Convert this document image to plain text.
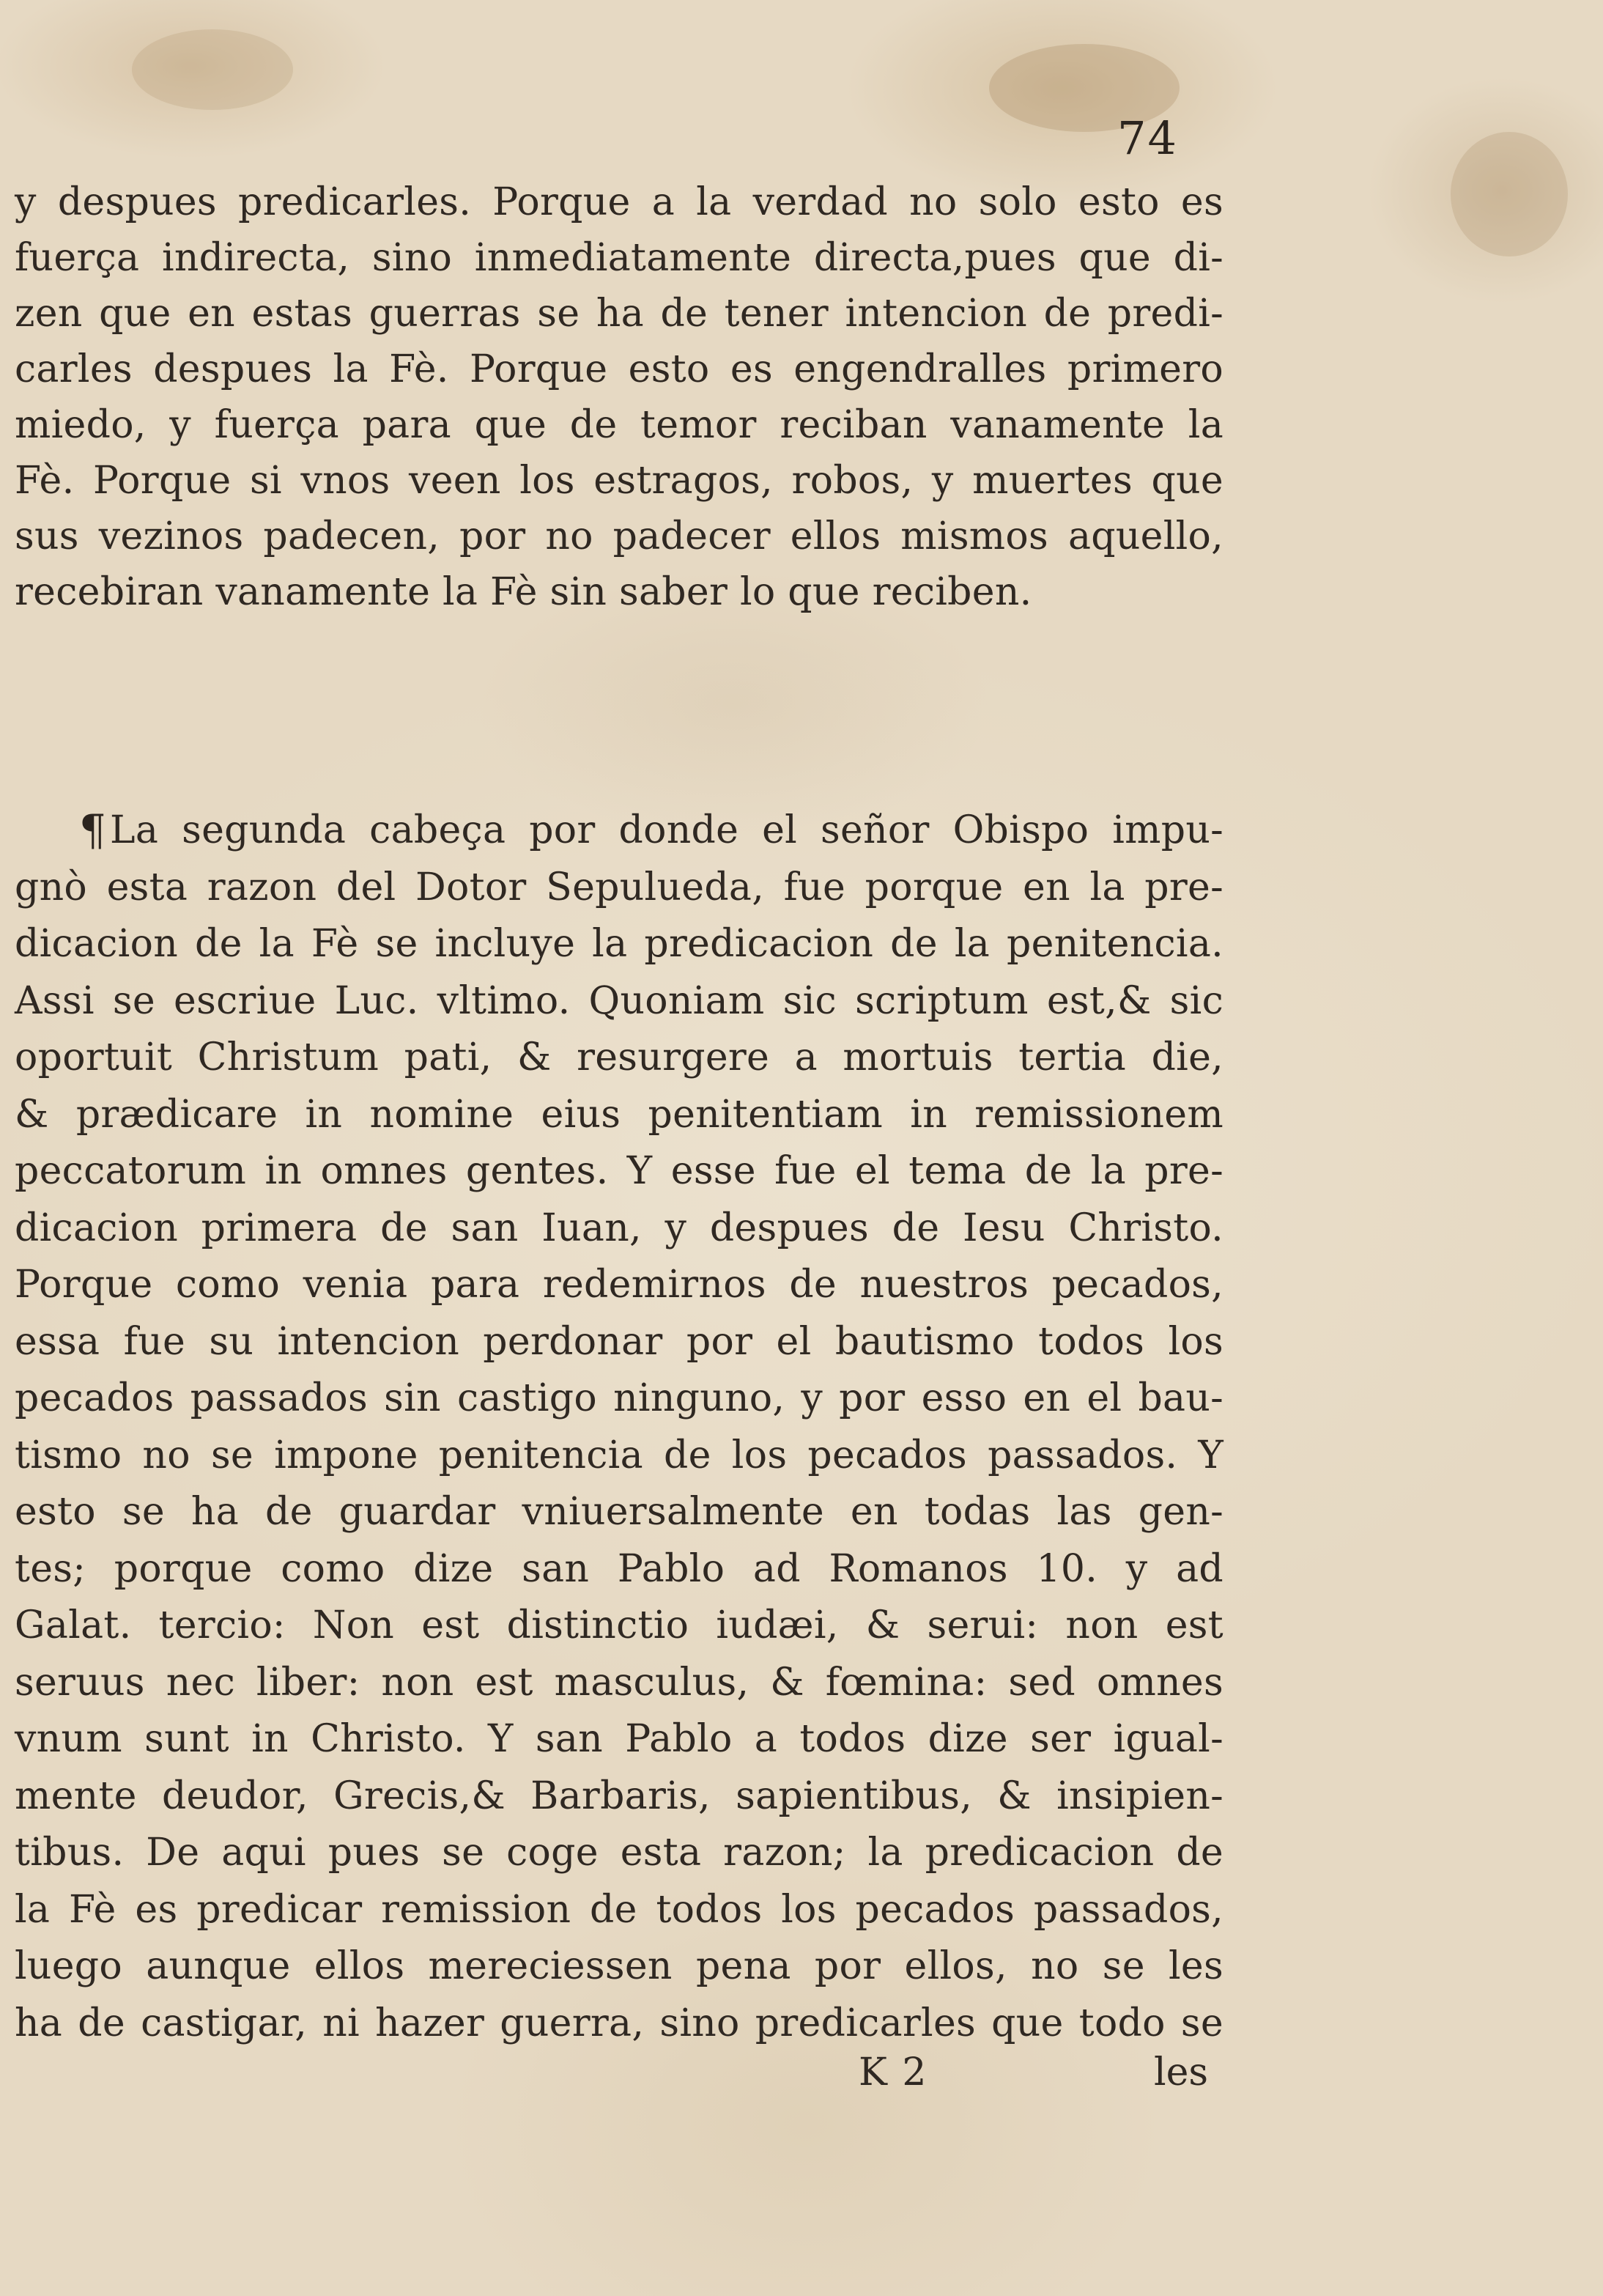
74
y despues predicarles. Porque a la verdad no solo esto es
fuerça indirecta, sino inmediatamente directa,pues que di-
zen que en estas guerras se ha de tener intencion de predi-
carles despues la Fè. Porque esto es engendralles primero
miedo, y fuerça para que de temor reciban vanamente la
Fè. Porque si vnos veen los estragos, robos, y muertes que
sus vezinos padecen, por no padecer ellos mismos aquello,
recebiran vanamente la Fè sin saber lo que reciben.
¶ La segunda cabeça por donde el señor Obispo impu-
gnò esta razon del Dotor Sepulueda, fue porque en la pre-
dicacion de la Fè se incluye la predicacion de la penitencia.
Assi se escriue Luc. vltimo. Quoniam sic scriptum est,& sic
oportuit Christum pati, & resurgere a mortuis tertia die,
& prædicare in nomine eius penitentiam in remissionem
peccatorum in omnes gentes. Y esse fue el tema de la pre-
dicacion primera de san Iuan, y despues de Iesu Christo.
Porque como venia para redemirnos de nuestros pecados,
essa fue su intencion perdonar por el bautismo todos los
pecados passados sin castigo ninguno, y por esso en el bau-
tismo no se impone penitencia de los pecados passados. Y
esto se ha de guardar vniuersalmente en todas las gen-
tes; porque como dize san Pablo ad Romanos 10. y ad
Galat. tercio: Non est distinctio iudæi, & serui: non est
seruus nec liber: non est masculus, & fœmina: sed omnes
vnum sunt in Christo. Y san Pablo a todos dize ser igual-
mente deudor, Grecis,& Barbaris, sapientibus, & insipien-
tibus. De aqui pues se coge esta razon; la predicacion de
la Fè es predicar remission de todos los pecados passados,
luego aunque ellos mereciessen pena por ellos, no se les
ha de castigar, ni hazer guerra, sino predicarles que todo se
K 2	les
